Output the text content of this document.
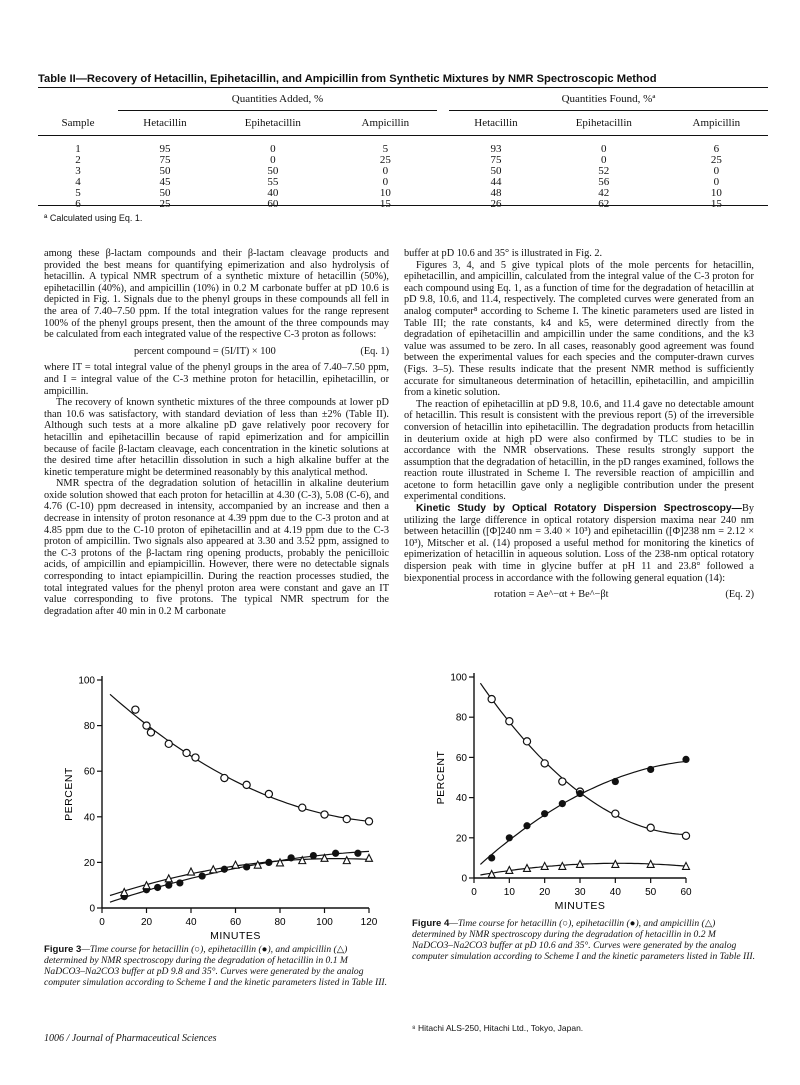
Table II—Recovery of Hetacillin, Epihetacillin, and Ampicillin from Synthetic Mixtures by NMR Spectroscopic Method
	Quantities Added, %				Quantities Found, %ª		
Sample	Hetacillin	Epihetacillin	Ampicillin		Hetacillin	Epihetacillin	Ampicillin

1	95	0	5		93	0	6
2	75	0	25		75	0	25
3	50	50	0		50	52	0
4	45	55	0		44	56	0
5	50	40	10		48	42	10
6	25	60	15		26	62	15
ª Calculated using Eq. 1.

among these β-lactam compounds and their β-lactam cleavage products and provided the best means for quantifying epimerization and also hydrolysis of hetacillin. A typical NMR spectrum of a synthetic mixture of hetacillin (50%), epihetacillin (40%), and ampicillin (10%) in 0.2 M carbonate buffer at pD 10.6 is depicted in Fig. 1. Signals due to the phenyl groups in these compounds all fell in the area of 7.40–7.50 ppm. If the total integration values for the range represent 100% of the phenyl groups present, then the amount of the three compounds may be calculated from each integrated value of the respective C-3 proton as follows:

percent compound = (5I/IT) × 100	(Eq. 1)

where IT = total integral value of the phenyl groups in the area of 7.40–7.50 ppm, and I = integral value of the C-3 methine proton for hetacillin, epihetacillin, or ampicillin.

The recovery of known synthetic mixtures of the three compounds at lower pD than 10.6 was satisfactory, with standard deviation of less than ±2% (Table II). Although such tests at a more alkaline pD gave relatively poor recovery for hetacillin and epihetacillin because of rapid epimerization and for ampicillin because of facile β-lactam cleavage, each concentration in the kinetic solutions at the desired time after hetacillin dissolution in such a high alkaline buffer at the kinetic temperature might be determined reasonably by this analytical method.

NMR spectra of the degradation solution of hetacillin in alkaline deuterium oxide solution showed that each proton for hetacillin at 4.30 (C-3), 5.08 (C-6), and 4.76 (C-10) ppm decreased in intensity, accompanied by an increase and then a decrease in intensity of proton resonance at 4.39 ppm due to the C-3 proton and at 4.85 ppm due to the C-10 proton of epihetacillin and at 4.19 ppm due to the C-3 proton of ampicillin. Two signals also appeared at 3.30 and 3.52 ppm, assigned to the C-3 protons of the β-lactam ring opening products, probably the penicilloic acids, of ampicillin and epiampicillin. However, there were no detectable signals corresponding to intact epiampicillin. During the reaction processes studied, the total integrated values for the phenyl proton area were constant and gave an IT value corresponding to five protons. The typical NMR spectrum for the degradation after 40 min in 0.2 M carbonate

buffer at pD 10.6 and 35° is illustrated in Fig. 2.

Figures 3, 4, and 5 give typical plots of the mole percents for hetacillin, epihetacillin, and ampicillin, calculated from the integral value of the C-3 proton for each compound using Eq. 1, as a function of time for the degradation of hetacillin at pD 9.8, 10.6, and 11.4, respectively. The completed curves were generated from an analog computer⁸ according to Scheme I. The kinetic parameters used are listed in Table III; the rate constants, k4 and k5, were determined directly from the degradation of epihetacillin and ampicillin under the same conditions, and the k3 value was assumed to be zero. In all cases, reasonably good agreement was found between the experimental values for each species and the computer-drawn curves (Figs. 3–5). These results indicate that the present NMR method is sufficiently accurate for simultaneous determination of hetacillin, epihetacillin, and ampicillin from a kinetic solution.

The reaction of epihetacillin at pD 9.8, 10.6, and 11.4 gave no detectable amount of hetacillin. This result is consistent with the previous report (5) of the irreversible conversion of hetacillin into epihetacillin. The degradation products from hetacillin in deuterium oxide at high pD were also confirmed by TLC studies to be in accordance with the NMR observations. These results strongly support the assumption that the degradation of hetacillin, in the pD ranges examined, follows the reaction route illustrated in Scheme I. The reversible reaction of ampicillin and acetone to form hetacillin gave only a negligible contribution under the present experimental conditions.

Kinetic Study by Optical Rotatory Dispersion Spectroscopy—By utilizing the large difference in optical rotatory dispersion maxima near 240 nm between hetacillin ([Φ]240 nm = 3.40 × 10³) and epihetacillin ([Φ]238 nm = 2.12 × 10³), Mitscher et al. (14) proposed a useful method for monitoring the kinetics of epimerization of hetacillin in aqueous solution. Loss of the 238-nm optical rotatory dispersion peak with time in glycine buffer at pH 11 and 23.8° followed a biexponential process in accordance with the following general equation (14):

rotation = Ae^−αt + Be^−βt	(Eq. 2)
0	20	40	60	80	100	120
0
20
40
60
80
100
MINUTES
PERCENT
Figure 3—Time course for hetacillin (○), epihetacillin (●), and ampicillin (△) determined by NMR spectroscopy during the degradation of hetacillin in 0.1 M NaDCO3–Na2CO3 buffer at pD 9.8 and 35°. Curves were generated by the analog computer simulation according to Scheme I and the kinetic parameters listed in Table III.
0	10 20 30 40 50 60
0
20
40
60
80
100
MINUTES
PERCENT
Figure 4—Time course for hetacillin (○), epihetacillin (●), and ampicillin (△) determined by NMR spectroscopy during the degradation of hetacillin in 0.2 M NaDCO3–Na2CO3 buffer at pD 10.6 and 35°. Curves were generated by the analog computer simulation according to Scheme I and the kinetic parameters listed in Table III.
⁸ Hitachi ALS-250, Hitachi Ltd., Tokyo, Japan.
1006 / Journal of Pharmaceutical Sciences
